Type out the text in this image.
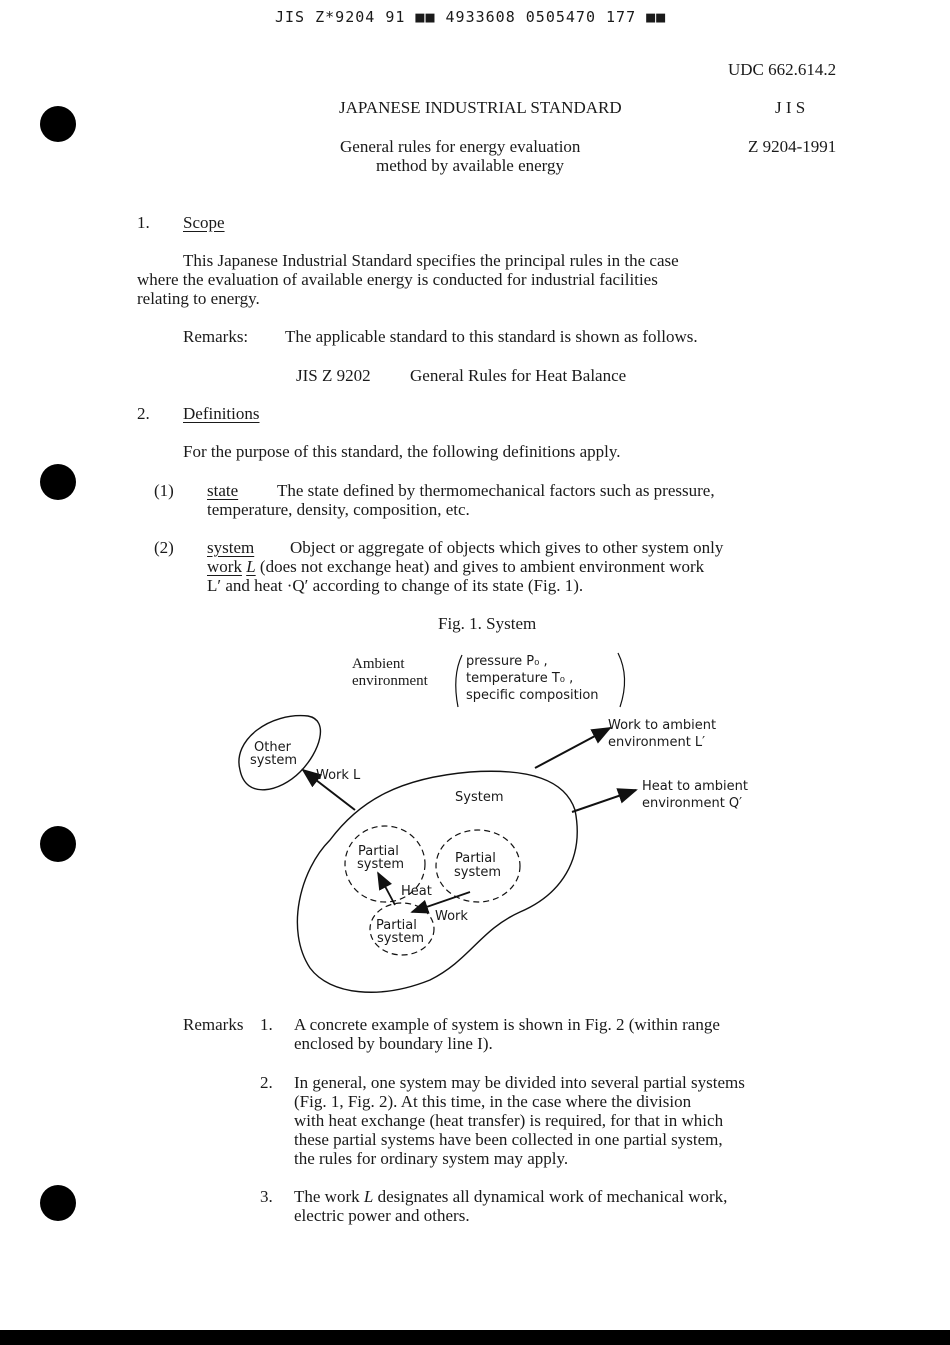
JIS Z*9204 91 ■■ 4933608 0505470 177 ■■
UDC 662.614.2
JAPANESE INDUSTRIAL STANDARD	J I S
General rules for energy evaluation
method by available energy
Z 9204-1991
1. Scope
This Japanese Industrial Standard specifies the principal rules in the case
where the evaluation of available energy is conducted for industrial facilities
relating to energy.
Remarks: The applicable standard to this standard is shown as follows.
JIS Z 9202 General Rules for Heat Balance
2. Definitions
For the purpose of this standard, the following definitions apply.
(1) state The state defined by thermomechanical factors such as pressure,
temperature, density, composition, etc.
(2) system Object or aggregate of objects which gives to other system only
work L (does not exchange heat) and gives to ambient environment work
L′ and heat ·Q′ according to change of its state (Fig. 1).
Fig. 1. System
Ambient
environment
pressure P₀ ,
temperature T₀ ,
specific composition
Other
system
Work L
System
Work to ambient
environment L′
Heat to ambient
environment Q′
Partial
system	Partial
system
Heat
Work
Partial
system
Remarks 1. A concrete example of system is shown in Fig. 2 (within range
enclosed by boundary line I).
2. In general, one system may be divided into several partial systems
(Fig. 1, Fig. 2). At this time, in the case where the division
with heat exchange (heat transfer) is required, for that in which
these partial systems have been collected in one partial system,
the rules for ordinary system may apply.
3. The work L designates all dynamical work of mechanical work,
electric power and others.
